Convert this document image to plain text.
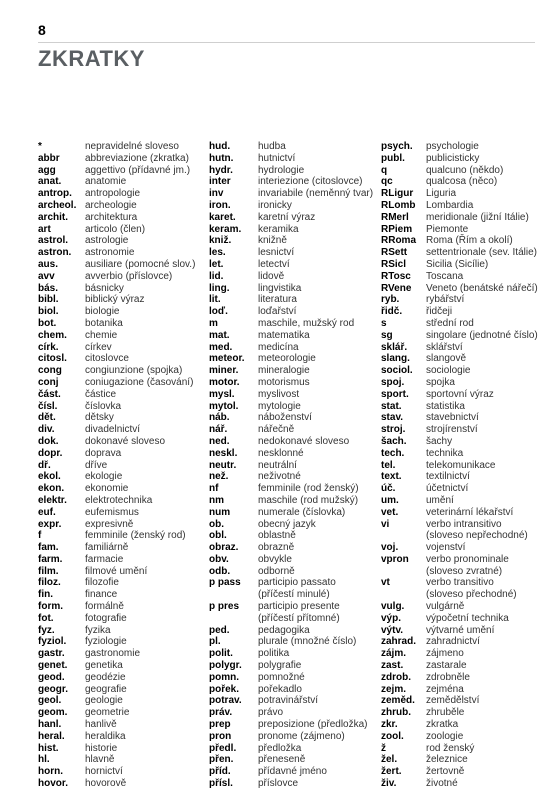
8
ZKRATKY
*	nepravidelné sloveso
abbr	abbreviazione (zkratka)
agg	aggettivo (přídavné jm.)
anat.	anatomie
antrop.	antropologie
archeol. archeologie
archit.	architektura
art	articolo (člen)
astrol.	astrologie
astron.	astronomie
aus.	ausiliare (pomocné slov.)
avv	avverbio (příslovce)
bás.	básnicky
bibl.	biblický výraz
biol.	biologie
bot.	botanika
chem.	chemie
círk.	církev
citosl.	citoslovce
cong	congiunzione (spojka)
conj	coniugazione (časování)
část.	částice
čísl.	číslovka
dět.	dětsky
div.	divadelnictví
dok.	dokonavé sloveso
dopr.	doprava
dř.	dříve
ekol.	ekologie
ekon.	ekonomie
elektr.	elektrotechnika
euf.	eufemismus
expr.	expresivně
f	femminile (ženský rod)
fam.	familiárně
farm.	farmacie
film.	filmové umění
filoz.	filozofie
fin.	finance
form.	formálně
fot.	fotografie
fyz.	fyzika
fyziol.	fyziologie
gastr.	gastronomie
genet.	genetika
geod.	geodézie
geogr.	geografie
geol.	geologie
geom.	geometrie
hanl.	hanlivě
heral.	heraldika
hist.	historie
hl.	hlavně
horn.	hornictví
hovor.	hovorově
hud.	hudba
hutn.	hutnictví
hydr.	hydrologie
inter	interiezione (citoslovce)
inv	invariabile (neměnný tvar)
iron.	ironicky
karet.	karetní výraz
keram.	keramika
kniž.	knižně
les.	lesnictví
let.	letectví
lid.	lidově
ling.	lingvistika
lit.	literatura
loď.	loďařství
m	maschile, mužský rod
mat.	matematika
med.	medicína
meteor.	meteorologie
miner.	mineralogie
motor.	motorismus
mysl.	myslivost
mytol.	mytologie
náb.	náboženství
nář.	nářečně
ned.	nedokonavé sloveso
neskl.	nesklonné
neutr.	neutrální
než.	neživotné
nf	femminile (rod ženský)
nm	maschile (rod mužský)
num	numerale (číslovka)
ob.	obecný jazyk
obl.	oblastně
obraz.	obrazně
obv.	obvykle
odb.	odborně
p pass	participio passato
(příčestí minulé)
p pres	participio presente
(příčestí přítomné)
ped.	pedagogika
pl.	plurale (množné číslo)
polit.	politika
polygr.	polygrafie
pomn.	pomnožné
pořek.	pořekadlo
potrav.	potravinářství
práv.	právo
prep	preposizione (předložka)
pron	pronome (zájmeno)
předl.	předložka
přen.	přeneseně
příd.	přídavné jméno
přísl.	příslovce
psych.	psychologie
publ.	publicisticky
q	qualcuno (někdo)
qc	qualcosa (něco)
RLigur	Liguria
RLomb	Lombardia
RMerl	meridionale (jižní Itálie)
RPiem	Piemonte
RRoma Roma (Řím a okolí)
RSett	settentrionale (sev. Itálie)
RSicl	Sicilia (Sicílie)
RTosc	Toscana
RVene	Veneto (benátské nářečí)
ryb.	rybářství
řidč.	řidčeji
s	střední rod
sg	singolare (jednotné číslo)
sklář.	sklářství
slang.	slangově
sociol.	sociologie
spoj.	spojka
sport.	sportovní výraz
stat.	statistika
stav.	stavebnictví
stroj.	strojírenství
šach.	šachy
tech.	technika
tel.	telekomunikace
text.	textilnictví
úč.	účetnictví
um.	umění
vet.	veterinární lékařství
vi	verbo intransitivo
(sloveso nepřechodné)
voj.	vojenství
vpron	verbo pronominale
(sloveso zvratné)
vt	verbo transitivo
(sloveso přechodné)
vulg.	vulgárně
výp.	výpočetní technika
výtv.	výtvarné umění
zahrad. zahradnictví
zájm.	zájmeno
zast.	zastarale
zdrob.	zdrobněle
zejm.	zejména
zeměd.	zemědělství
zhrub.	zhruběle
zkr.	zkratka
zool.	zoologie
ž	rod ženský
žel.	železnice
žert.	žertovně
živ.	životné
